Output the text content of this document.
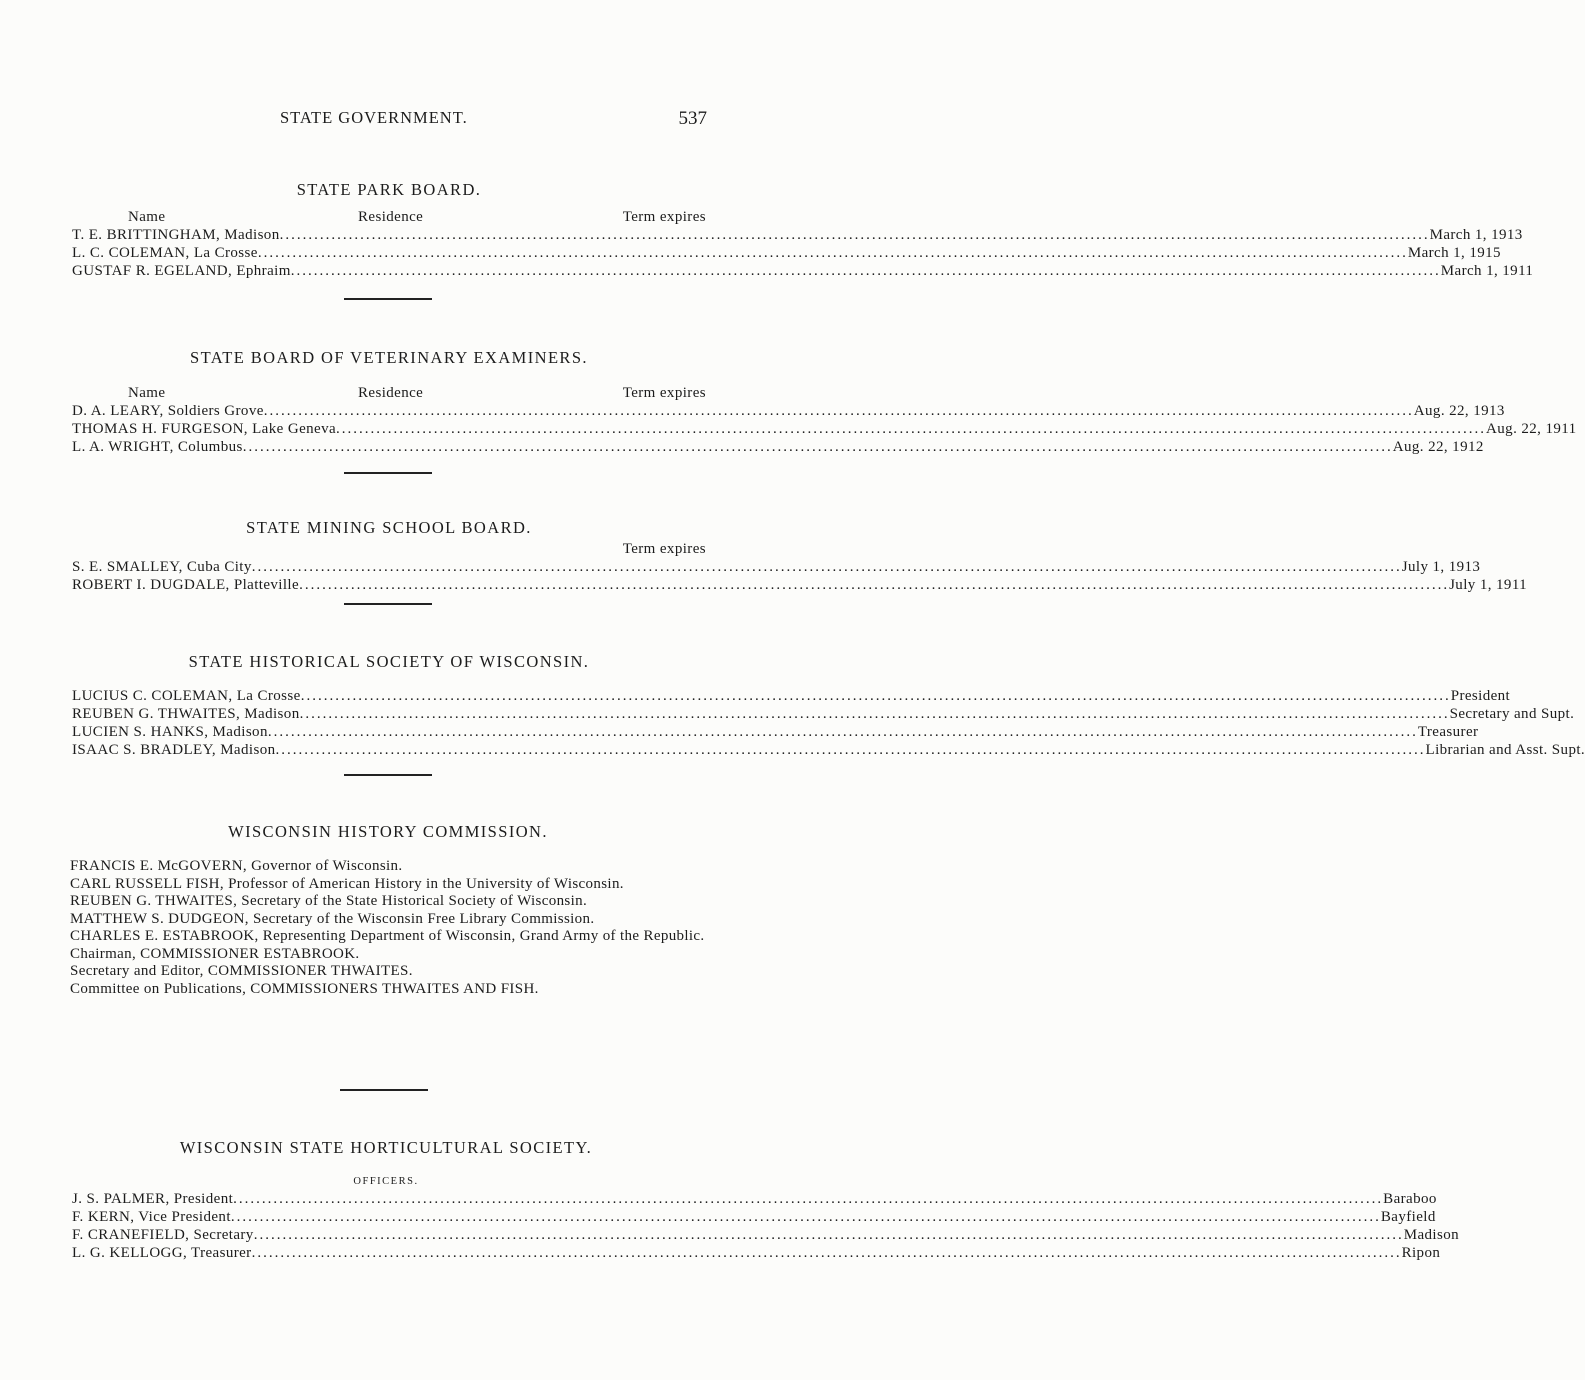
STATE GOVERNMENT.	537
STATE PARK BOARD.
Name	Residence	Term expires
T. E. BRITTINGHAM, Madison ........................................................................................................................................................................................................ March 1, 1913
L. C. COLEMAN, La Crosse ........................................................................................................................................................................................................ March 1, 1915
GUSTAF R. EGELAND, Ephraim ........................................................................................................................................................................................................ March 1, 1911
STATE BOARD OF VETERINARY EXAMINERS.
Name	Residence	Term expires
D. A. LEARY, Soldiers Grove ........................................................................................................................................................................................................ Aug. 22, 1913
THOMAS H. FURGESON, Lake Geneva ........................................................................................................................................................................................................ Aug. 22, 1911
L. A. WRIGHT, Columbus ........................................................................................................................................................................................................ Aug. 22, 1912
STATE MINING SCHOOL BOARD.
Term expires
S. E. SMALLEY, Cuba City ........................................................................................................................................................................................................ July 1, 1913
ROBERT I. DUGDALE, Platteville ........................................................................................................................................................................................................ July 1, 1911
STATE HISTORICAL SOCIETY OF WISCONSIN.
LUCIUS C. COLEMAN, La Crosse ........................................................................................................................................................................................................ President
REUBEN G. THWAITES, Madison ........................................................................................................................................................................................................ Secretary and Supt.
LUCIEN S. HANKS, Madison ........................................................................................................................................................................................................ Treasurer
ISAAC S. BRADLEY, Madison ........................................................................................................................................................................................................ Librarian and Asst. Supt.
WISCONSIN HISTORY COMMISSION.

FRANCIS E. McGOVERN, Governor of Wisconsin.

CARL RUSSELL FISH, Professor of American History in the University of Wisconsin.

REUBEN G. THWAITES, Secretary of the State Historical Society of Wisconsin.

MATTHEW S. DUDGEON, Secretary of the Wisconsin Free Library Commission.

CHARLES E. ESTABROOK, Representing Department of Wisconsin, Grand Army of the Republic.

Chairman, COMMISSIONER ESTABROOK.

Secretary and Editor, COMMISSIONER THWAITES.

Committee on Publications, COMMISSIONERS THWAITES AND FISH.

WISCONSIN STATE HORTICULTURAL SOCIETY.
OFFICERS.
J. S. PALMER, President ........................................................................................................................................................................................................ Baraboo
F. KERN, Vice President ........................................................................................................................................................................................................ Bayfield
F. CRANEFIELD, Secretary ........................................................................................................................................................................................................ Madison
L. G. KELLOGG, Treasurer ........................................................................................................................................................................................................ Ripon
